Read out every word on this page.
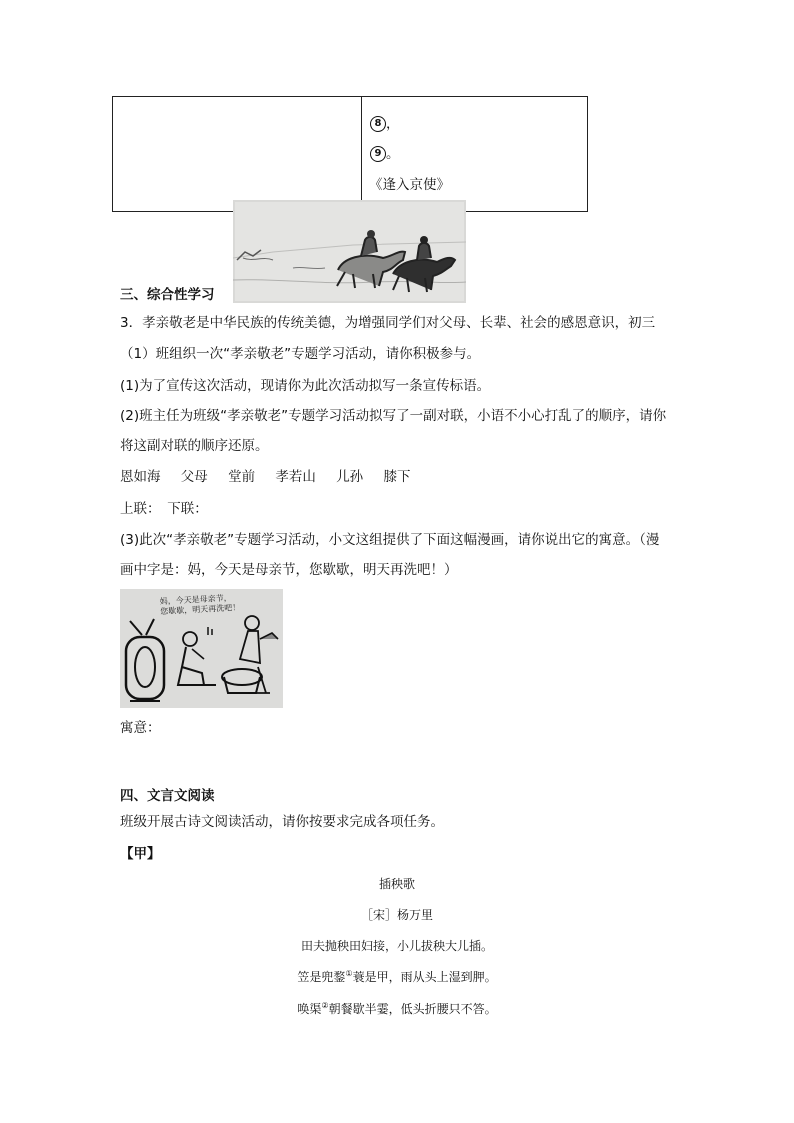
8 ，
9 。
《逢入京使》
三、综合性学习
3．孝亲敬老是中华民族的传统美德，为增强同学们对父母、长辈、社会的感恩意识，初三
（1）班组织一次“孝亲敬老”专题学习活动，请你积极参与。
(1)为了宣传这次活动，现请你为此次活动拟写一条宣传标语。
(2)班主任为班级“孝亲敬老”专题学习活动拟写了一副对联，小语不小心打乱了的顺序，请你
将这副对联的顺序还原。
恩如海 父母 堂前 孝若山 儿孙 膝下
上联：　下联：
(3)此次“孝亲敬老”专题学习活动，小文这组提供了下面这幅漫画，请你说出它的寓意。（漫
画中字是：妈，今天是母亲节，您歇歇，明天再洗吧！）
妈，今天是母亲节，
您歇歇，明天再洗吧！
寓意：
四、文言文阅读
班级开展古诗文阅读活动，请你按要求完成各项任务。
【甲】
插秧歌
［宋］杨万里
田夫抛秧田妇接，小儿拔秧大儿插。
笠是兜鍪①蓑是甲，雨从头上湿到胛。
唤渠②朝餐歇半霎，低头折腰只不答。
